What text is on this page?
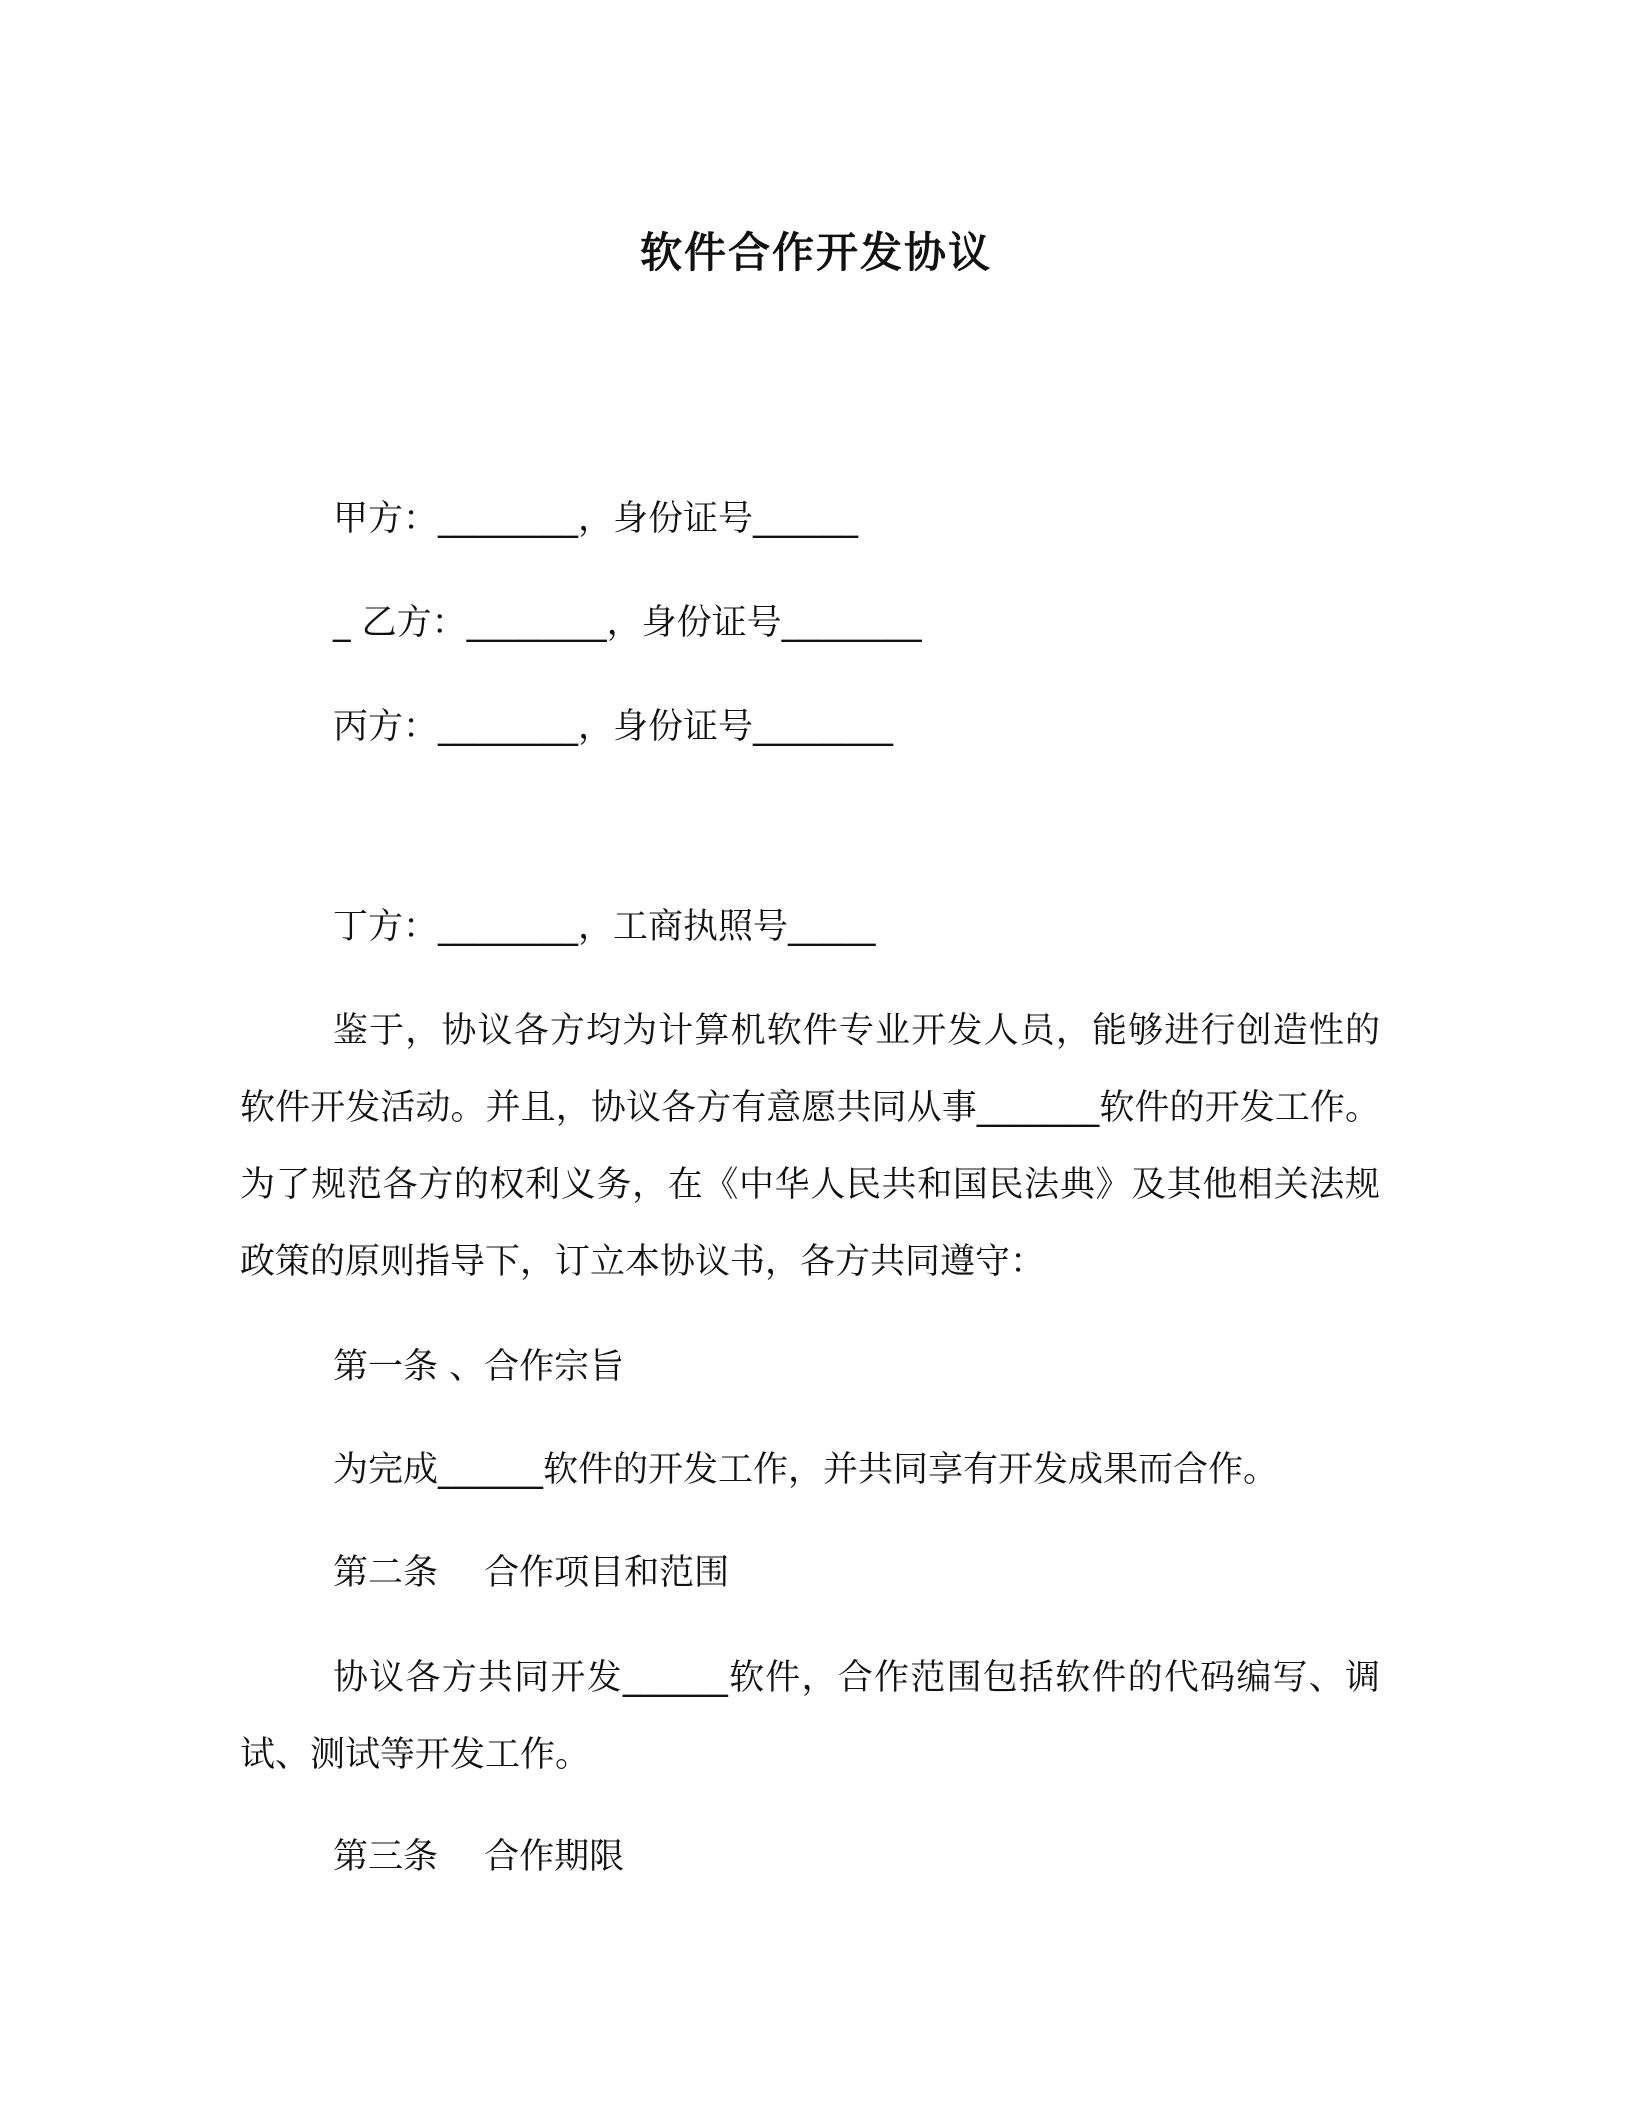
软件合作开发协议

甲方：________，身份证号______

_ 乙方：________，身份证号________

丙方：________，身份证号________

丁方：________，工商执照号_____

鉴于，协议各方均为计算机软件专业开发人员，能够进行创造性的软件开发活动。并且，协议各方有意愿共同从事_______软件的开发工作。为了规范各方的权利义务，在《中华人民共和国民法典》及其他相关法规政策的原则指导下，订立本协议书，各方共同遵守：

第一条 、合作宗旨

为完成______软件的开发工作，并共同享有开发成果而合作。

第二条　 合作项目和范围

协议各方共同开发______软件，合作范围包括软件的代码编写、调试、测试等开发工作。

第三条　 合作期限
